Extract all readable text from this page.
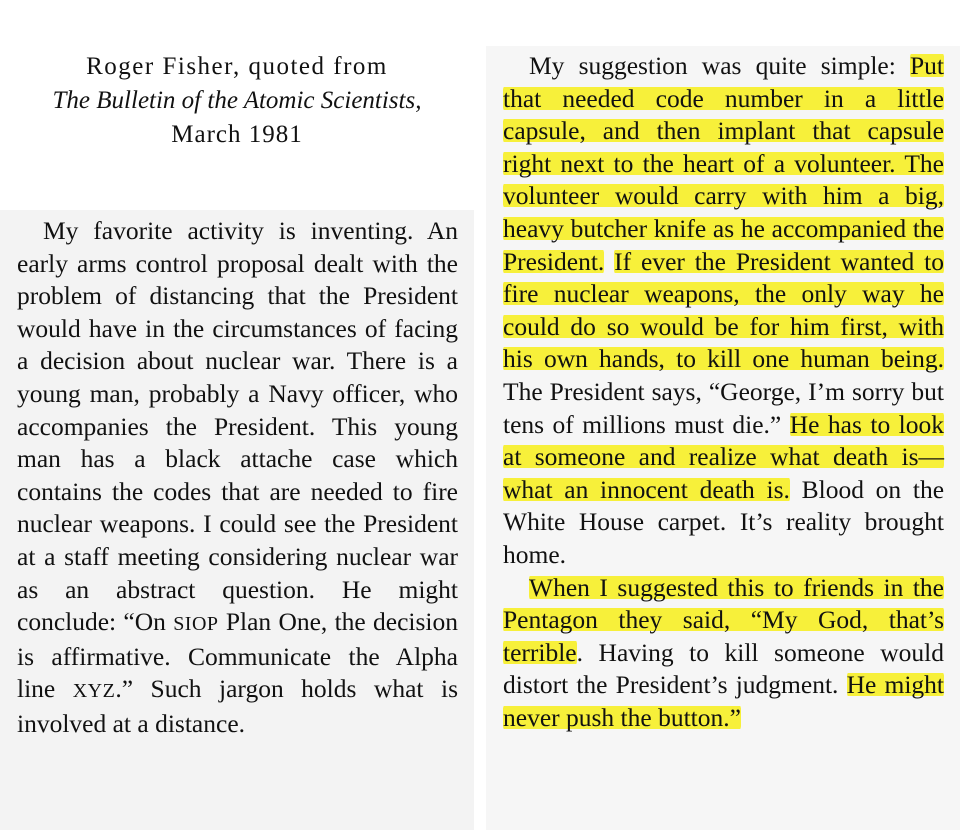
Roger Fisher, quoted from
The Bulletin of the Atomic Scientists,
March 1981

My favorite activity is inventing. An early arms control proposal dealt with the problem of distancing that the President would have in the circumstances of facing a decision about nuclear war. There is a young man, probably a Navy officer, who accompanies the President. This young man has a black attache case which contains the codes that are needed to fire nuclear weapons. I could see the President at a staff meeting considering nuclear war as an abstract question. He might conclude: “On SIOP Plan One, the decision is affirmative. Communicate the Alpha line XYZ.” Such jargon holds what is involved at a distance.

My suggestion was quite simple: Put that needed code number in a little capsule, and then implant that capsule right next to the heart of a volunteer. The volunteer would carry with him a big, heavy butcher knife as he accompanied the President. If ever the President wanted to fire nuclear weapons, the only way he could do so would be for him first, with his own hands, to kill one human being. The President says, “George, I’m sorry but tens of millions must die.” He has to look at someone and realize what death is—what an innocent death is. Blood on the White House carpet. It’s reality brought home.

When I suggested this to friends in the Pentagon they said, “My God, that’s terrible. Having to kill someone would distort the President’s judgment. He might never push the button.”
